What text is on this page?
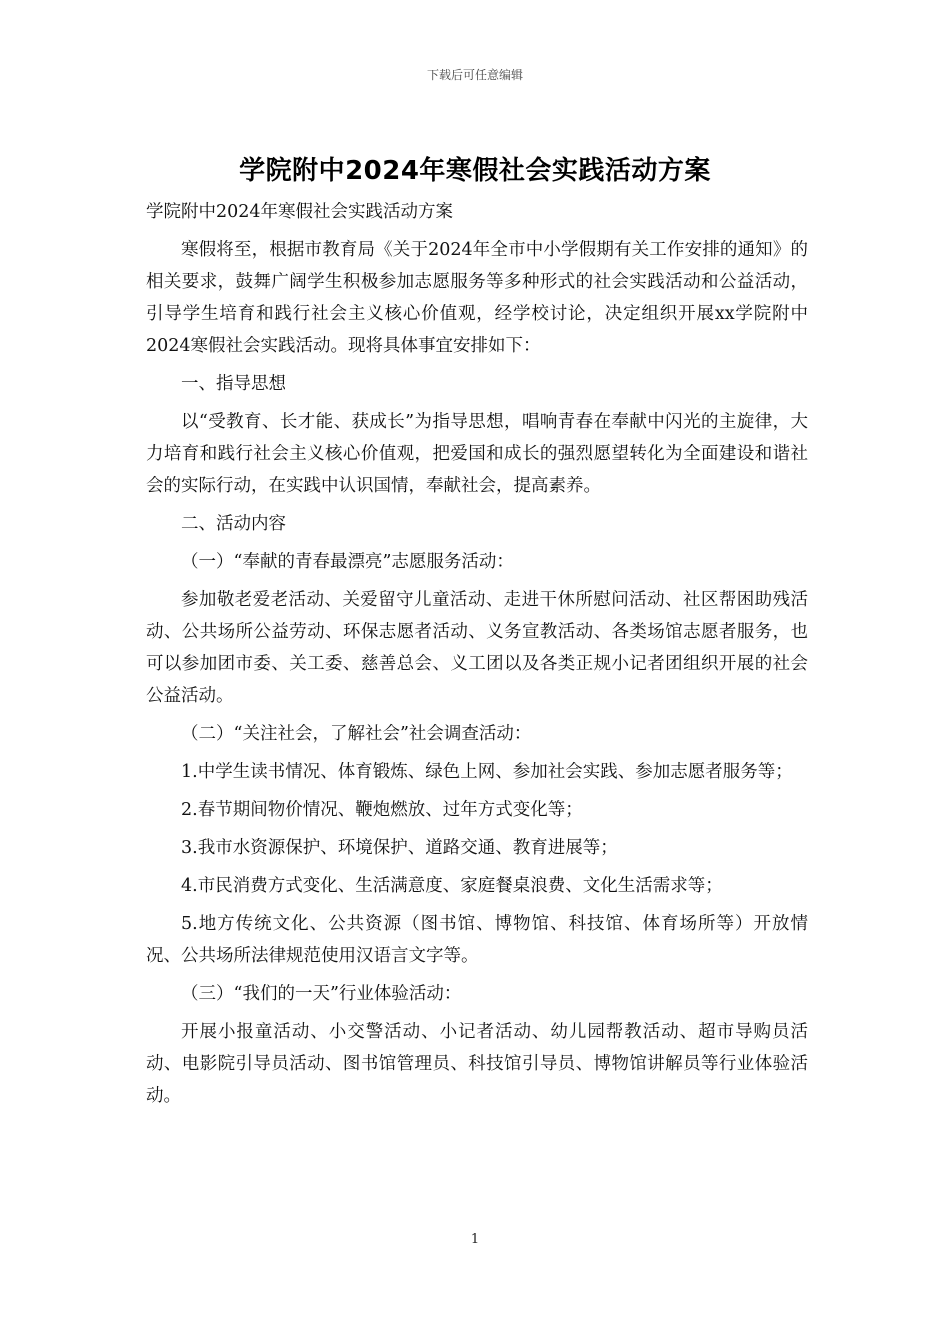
下载后可任意编辑
学院附中2024年寒假社会实践活动方案

学院附中2024年寒假社会实践活动方案

寒假将至，根据市教育局《关于2024年全市中小学假期有关工作安排的通知》的相关要求，鼓舞广阔学生积极参加志愿服务等多种形式的社会实践活动和公益活动，引导学生培育和践行社会主义核心价值观，经学校讨论，决定组织开展xx学院附中2024寒假社会实践活动。现将具体事宜安排如下：

一、指导思想

以“受教育、长才能、获成长”为指导思想，唱响青春在奉献中闪光的主旋律，大力培育和践行社会主义核心价值观，把爱国和成长的强烈愿望转化为全面建设和谐社会的实际行动，在实践中认识国情，奉献社会，提高素养。

二、活动内容

（一）“奉献的青春最漂亮”志愿服务活动：

参加敬老爱老活动、关爱留守儿童活动、走进干休所慰问活动、社区帮困助残活动、公共场所公益劳动、环保志愿者活动、义务宣教活动、各类场馆志愿者服务，也可以参加团市委、关工委、慈善总会、义工团以及各类正规小记者团组织开展的社会公益活动。

（二）“关注社会，了解社会”社会调查活动：

1.中学生读书情况、体育锻炼、绿色上网、参加社会实践、参加志愿者服务等；

2.春节期间物价情况、鞭炮燃放、过年方式变化等；

3.我市水资源保护、环境保护、道路交通、教育进展等；

4.市民消费方式变化、生活满意度、家庭餐桌浪费、文化生活需求等；

5.地方传统文化、公共资源（图书馆、博物馆、科技馆、体育场所等）开放情况、公共场所法律规范使用汉语言文字等。

（三）“我们的一天”行业体验活动：

开展小报童活动、小交警活动、小记者活动、幼儿园帮教活动、超市导购员活动、电影院引导员活动、图书馆管理员、科技馆引导员、博物馆讲解员等行业体验活动。

1
